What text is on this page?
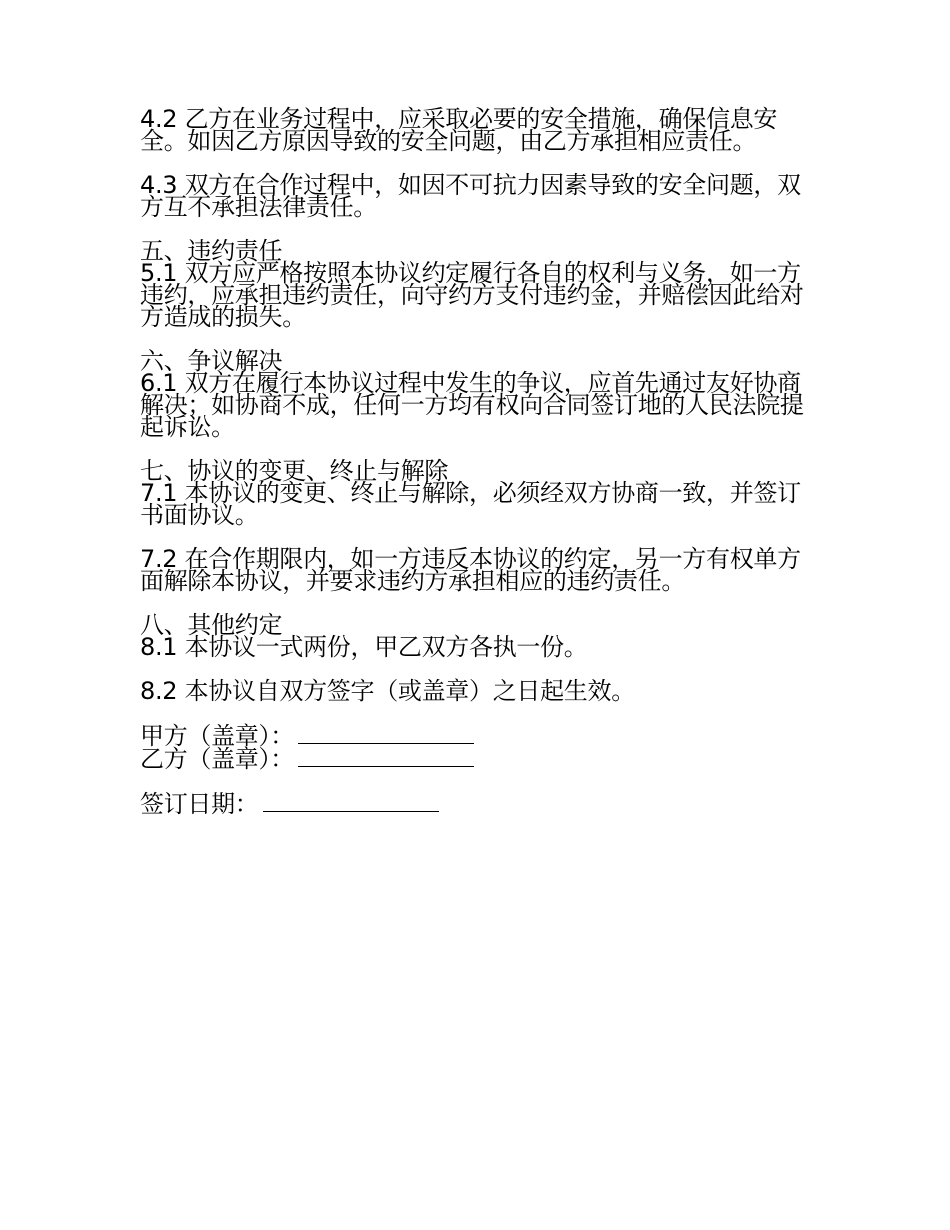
4.2 乙方在业务过程中，应采取必要的安全措施，确保信息安全。如因乙方原因导致的安全问题，由乙方承担相应责任。

4.3 双方在合作过程中，如因不可抗力因素导致的安全问题，双方互不承担法律责任。

五、违约责任

5.1 双方应严格按照本协议约定履行各自的权利与义务，如一方违约，应承担违约责任，向守约方支付违约金，并赔偿因此给对方造成的损失。

六、争议解决

6.1 双方在履行本协议过程中发生的争议，应首先通过友好协商解决；如协商不成，任何一方均有权向合同签订地的人民法院提起诉讼。

七、协议的变更、终止与解除

7.1 本协议的变更、终止与解除，必须经双方协商一致，并签订书面协议。

7.2 在合作期限内，如一方违反本协议的约定，另一方有权单方面解除本协议，并要求违约方承担相应的违约责任。

八、其他约定

8.1 本协议一式两份，甲乙双方各执一份。

8.2 本协议自双方签字（或盖章）之日起生效。

甲方（盖章）：

乙方（盖章）：

签订日期：
